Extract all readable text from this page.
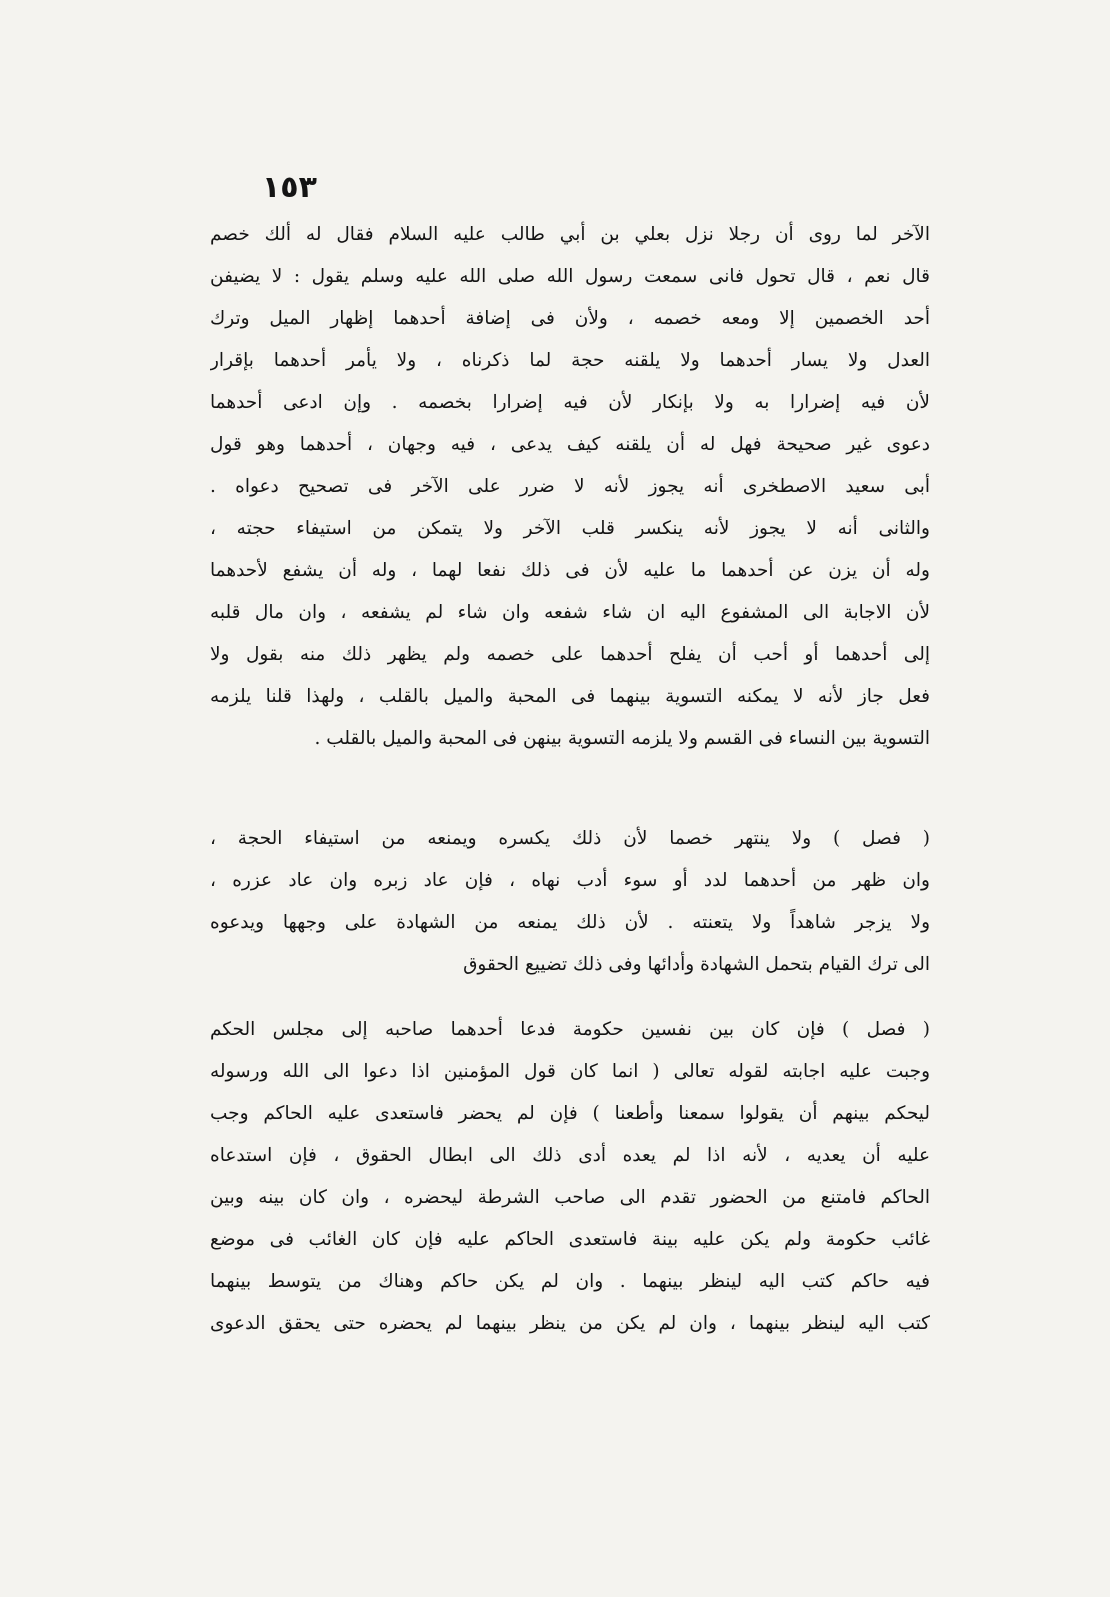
١٥٣
الآخر لما روى أن رجلا نزل بعلي بن أبي طالب عليه السلام فقال له ألك خصم
قال نعم ، قال تحول فانى سمعت رسول الله صلى الله عليه وسلم يقول : لا يضيفن
أحد الخصمين إلا ومعه خصمه ، ولأن فى إضافة أحدهما إظهار الميل وترك
العدل ولا يسار أحدهما ولا يلقنه حجة لما ذكرناه ، ولا يأمر أحدهما بإقرار
لأن فيه إضرارا به ولا بإنكار لأن فيه إضرارا بخصمه . وإن ادعى أحدهما
دعوى غير صحيحة فهل له أن يلقنه كيف يدعى ، فيه وجهان ، أحدهما وهو قول
أبى سعيد الاصطخرى أنه يجوز لأنه لا ضرر على الآخر فى تصحيح دعواه .
والثانى أنه لا يجوز لأنه ينكسر قلب الآخر ولا يتمكن من استيفاء حجته ،
وله أن يزن عن أحدهما ما عليه لأن فى ذلك نفعا لهما ، وله أن يشفع لأحدهما
لأن الاجابة الى المشفوع اليه ان شاء شفعه وان شاء لم يشفعه ، وان مال قلبه
إلى أحدهما أو أحب أن يفلح أحدهما على خصمه ولم يظهر ذلك منه بقول ولا
فعل جاز لأنه لا يمكنه التسوية بينهما فى المحبة والميل بالقلب ، ولهذا قلنا يلزمه
التسوية بين النساء فى القسم ولا يلزمه التسوية بينهن فى المحبة والميل بالقلب .
( فصل ) ولا ينتهر خصما لأن ذلك يكسره ويمنعه من استيفاء الحجة ،
وان ظهر من أحدهما لدد أو سوء أدب نهاه ، فإن عاد زبره وان عاد عزره ،
ولا يزجر شاهداً ولا يتعنته . لأن ذلك يمنعه من الشهادة على وجهها ويدعوه
الى ترك القيام بتحمل الشهادة وأدائها وفى ذلك تضييع الحقوق
( فصل ) فإن كان بين نفسين حكومة فدعا أحدهما صاحبه إلى مجلس الحكم
وجبت عليه اجابته لقوله تعالى ( انما كان قول المؤمنين اذا دعوا الى الله ورسوله
ليحكم بينهم أن يقولوا سمعنا وأطعنا ) فإن لم يحضر فاستعدى عليه الحاكم وجب
عليه أن يعديه ، لأنه اذا لم يعده أدى ذلك الى ابطال الحقوق ، فإن استدعاه
الحاكم فامتنع من الحضور تقدم الى صاحب الشرطة ليحضره ، وان كان بينه وبين
غائب حكومة ولم يكن عليه بينة فاستعدى الحاكم عليه فإن كان الغائب فى موضع
فيه حاكم كتب اليه لينظر بينهما . وان لم يكن حاكم وهناك من يتوسط بينهما
كتب اليه لينظر بينهما ، وان لم يكن من ينظر بينهما لم يحضره حتى يحقق الدعوى
